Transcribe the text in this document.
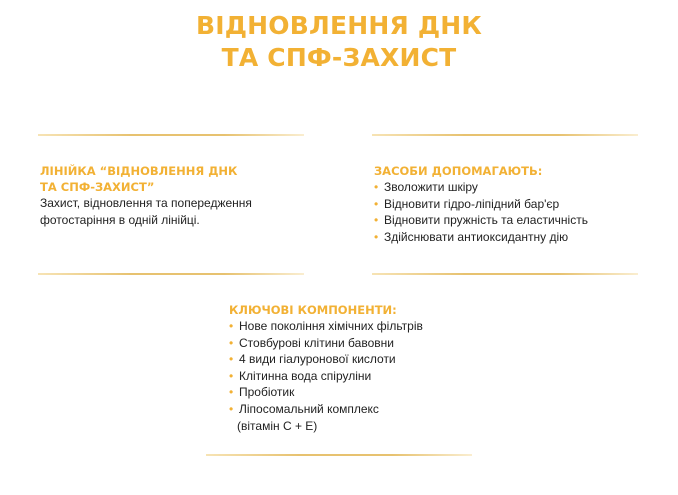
ВІДНОВЛЕННЯ ДНК
ТА СПФ-ЗАХИСТ
ЛІНІЙКА “ВІДНОВЛЕННЯ ДНК
ТА СПФ-ЗАХИСТ”
Захист, відновлення та попередження
фотостаріння в одній лінійці.
ЗАСОБИ ДОПОМАГАЮТЬ:
• Зволожити шкіру
• Відновити гідро-ліпідний бар'єр
• Відновити пружність та еластичність
• Здійснювати антиоксидантну дію
КЛЮЧОВІ КОМПОНЕНТИ:
• Нове покоління хімічних фільтрів
• Стовбурові клітини бавовни
• 4 види гіалуронової кислоти
• Клітинна вода спіруліни
• Пробіотик
• Ліпосомальний комплекс
(вітамін С + Е)
